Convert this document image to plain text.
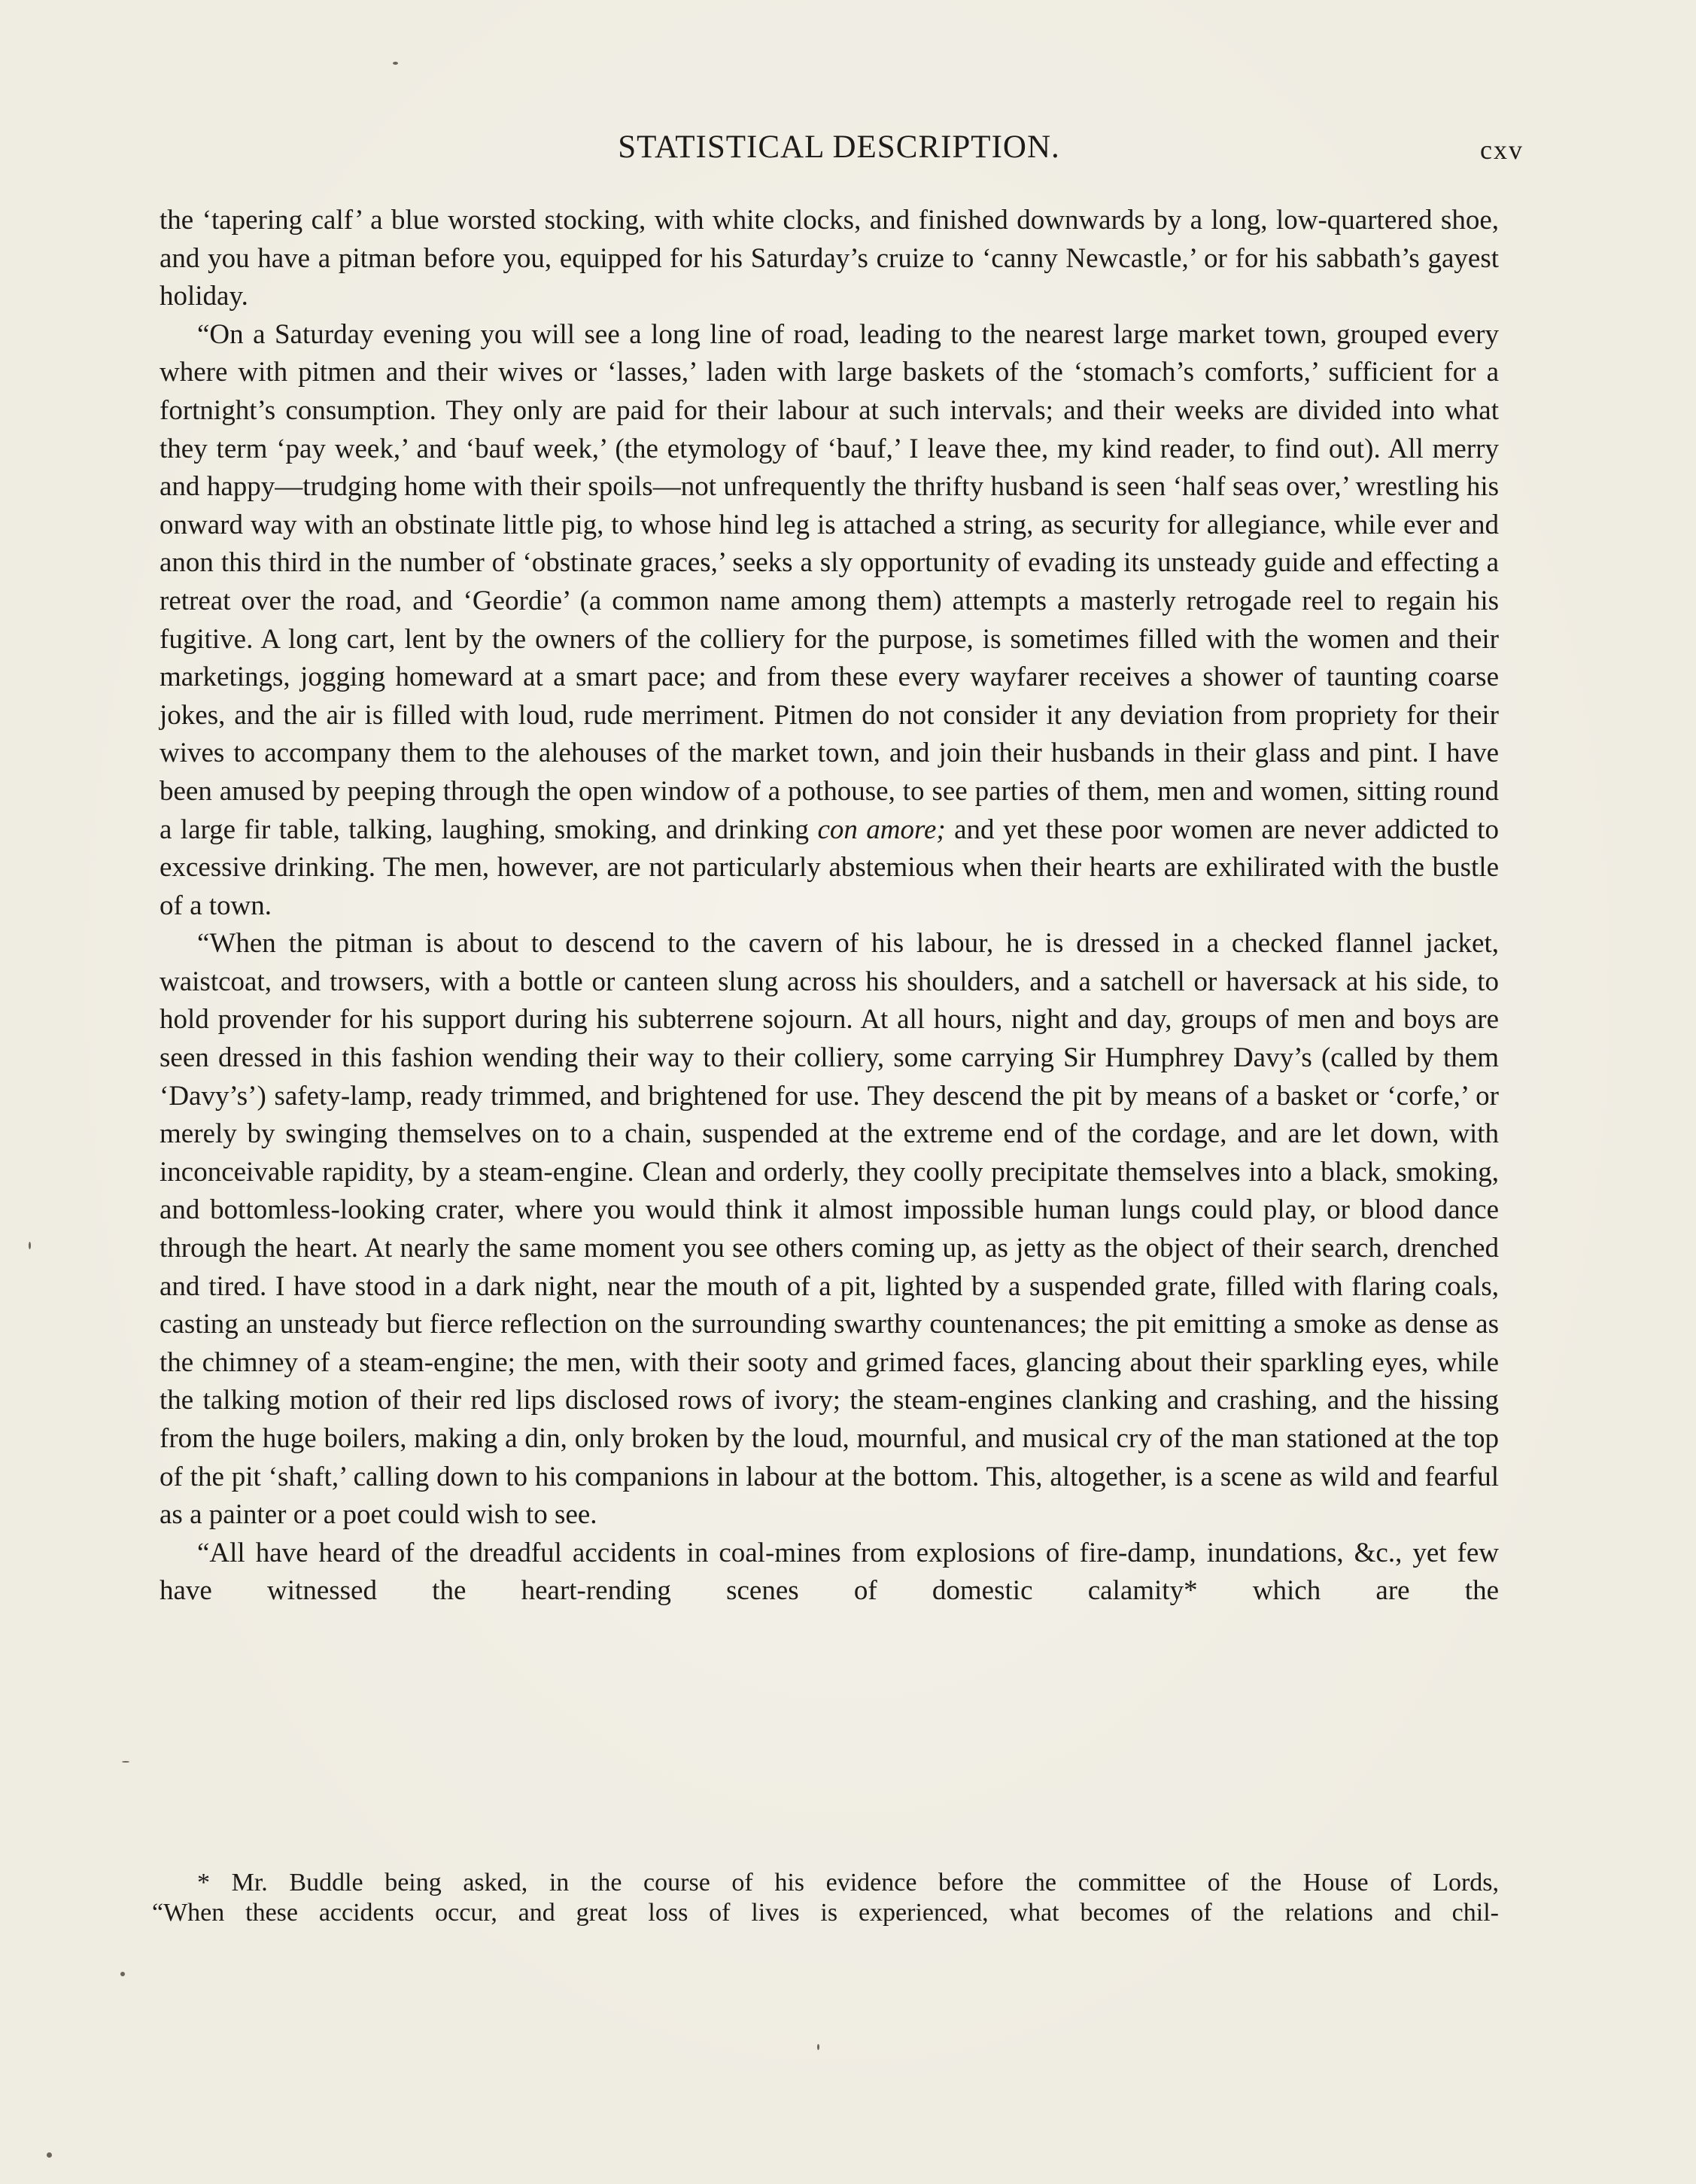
STATISTICAL DESCRIPTION.	cxv

the ‘tapering calf’ a blue worsted stocking, with white clocks, and finished downwards by a long, low-quartered shoe, and you have a pitman before you, equipped for his Saturday’s cruize to ‘canny Newcastle,’ or for his sabbath’s gayest holiday.

“On a Saturday evening you will see a long line of road, leading to the nearest large market town, grouped every where with pitmen and their wives or ‘lasses,’ laden with large baskets of the ‘stomach’s comforts,’ sufficient for a fortnight’s consumption. They only are paid for their labour at such intervals; and their weeks are divided into what they term ‘pay week,’ and ‘bauf week,’ (the etymology of ‘bauf,’ I leave thee, my kind reader, to find out). All merry and happy—trudging home with their spoils—not unfrequently the thrifty husband is seen ‘half seas over,’ wrestling his onward way with an obstinate little pig, to whose hind leg is attached a string, as security for allegiance, while ever and anon this third in the number of ‘obstinate graces,’ seeks a sly opportunity of evading its unsteady guide and effecting a retreat over the road, and ‘Geordie’ (a common name among them) attempts a masterly retrogade reel to regain his fugitive. A long cart, lent by the owners of the colliery for the purpose, is sometimes filled with the women and their marketings, jogging homeward at a smart pace; and from these every wayfarer receives a shower of taunting coarse jokes, and the air is filled with loud, rude merriment. Pitmen do not consider it any deviation from propriety for their wives to accompany them to the alehouses of the market town, and join their husbands in their glass and pint. I have been amused by peeping through the open window of a pothouse, to see parties of them, men and women, sitting round a large fir table, talking, laughing, smoking, and drinking con amore; and yet these poor women are never addicted to excessive drinking. The men, however, are not particularly abstemious when their hearts are exhilirated with the bustle of a town.

“When the pitman is about to descend to the cavern of his labour, he is dressed in a checked flannel jacket, waistcoat, and trowsers, with a bottle or canteen slung across his shoulders, and a satchell or haversack at his side, to hold provender for his support during his subterrene sojourn. At all hours, night and day, groups of men and boys are seen dressed in this fashion wending their way to their colliery, some carrying Sir Humphrey Davy’s (called by them ‘Davy’s’) safety-lamp, ready trimmed, and brightened for use. They descend the pit by means of a basket or ‘corfe,’ or merely by swinging themselves on to a chain, suspended at the extreme end of the cordage, and are let down, with inconceivable rapidity, by a steam-engine. Clean and orderly, they coolly precipitate themselves into a black, smoking, and bottomless-looking crater, where you would think it almost impossible human lungs could play, or blood dance through the heart. At nearly the same moment you see others coming up, as jetty as the object of their search, drenched and tired. I have stood in a dark night, near the mouth of a pit, lighted by a suspended grate, filled with flaring coals, casting an unsteady but fierce reflection on the surrounding swarthy countenances; the pit emitting a smoke as dense as the chimney of a steam-engine; the men, with their sooty and grimed faces, glancing about their sparkling eyes, while the talking motion of their red lips disclosed rows of ivory; the steam-engines clanking and crashing, and the hissing from the huge boilers, making a din, only broken by the loud, mournful, and musical cry of the man stationed at the top of the pit ‘shaft,’ calling down to his companions in labour at the bottom. This, altogether, is a scene as wild and fearful as a painter or a poet could wish to see.

“All have heard of the dreadful accidents in coal-mines from explosions of fire-damp, inundations, &c., yet few have witnessed the heart-rending scenes of domestic calamity* which are the

* Mr. Buddle being asked, in the course of his evidence before the committee of the House of Lords,

“When these accidents occur, and great loss of lives is experienced, what becomes of the relations and chil-
